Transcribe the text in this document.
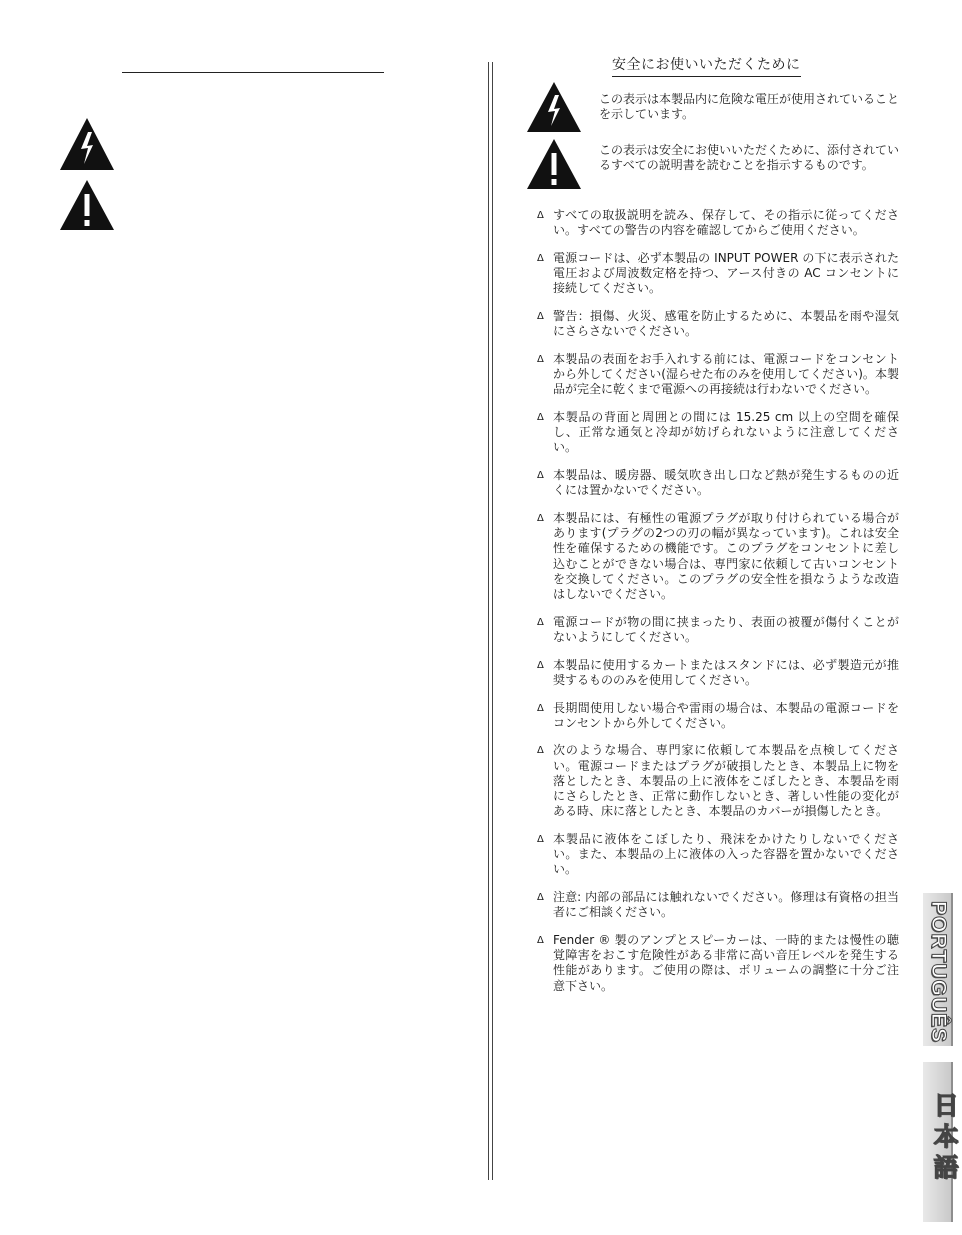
安全にお使いいただくために
この表示は本製品内に危険な電圧が使用されていることを示しています。
この表示は安全にお使いいただくために、添付されているすべての説明書を読むことを指示するものです。
Δ すべての取扱説明を読み、保存して、その指示に従ってください。すべての警告の内容を確認してからご使用ください。
Δ 電源コードは、必ず本製品の INPUT POWER の下に表示された電圧および周波数定格を持つ、アース付きの AC コンセントに接続してください。
Δ 警告：損傷、火災、感電を防止するために、本製品を雨や湿気にさらさないでください。
Δ 本製品の表面をお手入れする前には、電源コードをコンセントから外してください(湿らせた布のみを使用してください)。本製品が完全に乾くまで電源への再接続は行わないでください。
Δ 本製品の背面と周囲との間には 15.25 cm 以上の空間を確保し、正常な通気と冷却が妨げられないように注意してください。
Δ 本製品は、暖房器、暖気吹き出し口など熱が発生するものの近くには置かないでください。
Δ 本製品には、有極性の電源プラグが取り付けられている場合があります(プラグの2つの刃の幅が異なっています)。これは安全性を確保するための機能です。このプラグをコンセントに差し込むことができない場合は、専門家に依頼して古いコンセントを交換してください。このプラグの安全性を損なうような改造はしないでください。
Δ 電源コードが物の間に挟まったり、表面の被覆が傷付くことがないようにしてください。
Δ 本製品に使用するカートまたはスタンドには、必ず製造元が推奨するもののみを使用してください。
Δ 長期間使用しない場合や雷雨の場合は、本製品の電源コードをコンセントから外してください。
Δ 次のような場合、専門家に依頼して本製品を点検してください。電源コードまたはプラグが破損したとき、本製品上に物を落としたとき、本製品の上に液体をこぼしたとき、本製品を雨にさらしたとき、正常に動作しないとき、著しい性能の変化がある時、床に落としたとき、本製品のカバーが損傷したとき。
Δ 本製品に液体をこぼしたり、飛沫をかけたりしないでください。また、本製品の上に液体の入った容器を置かないでください。
Δ 注意: 内部の部品には触れないでください。修理は有資格の担当者にご相談ください。
Δ Fender ® 製のアンプとスピーカーは、一時的または慢性の聴覚障害をおこす危険性がある非常に高い音圧レベルを発生する性能があります。ご使用の際は、ボリュームの調整に十分ご注意下さい。	PORTUGUÊS
日本語
